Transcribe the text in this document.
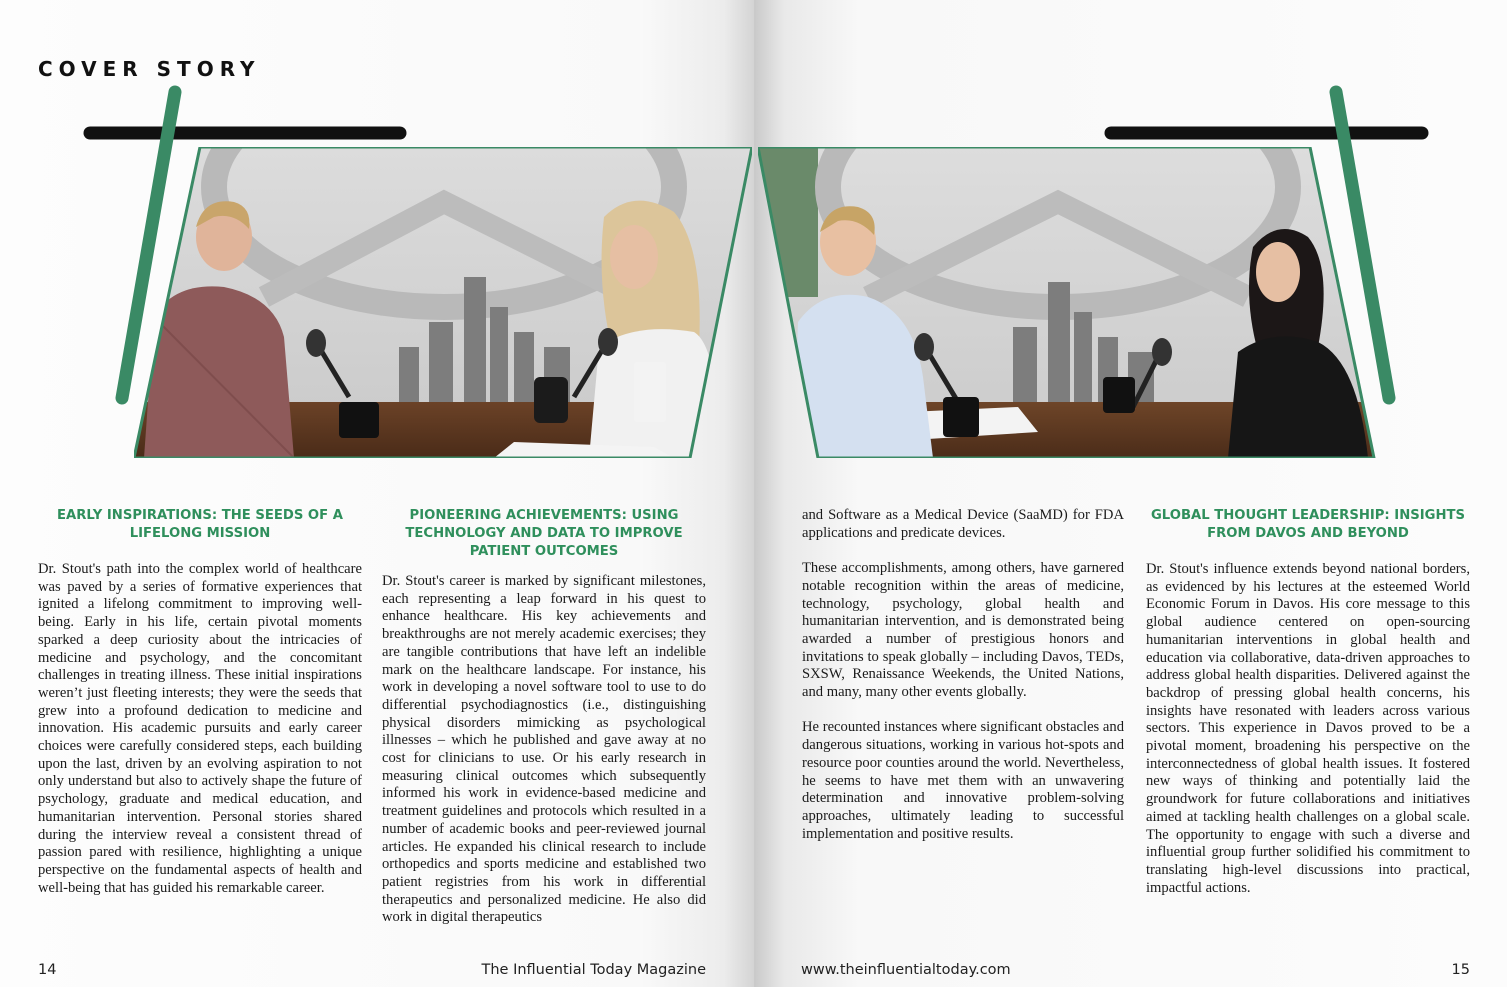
COVER STORY
EARLY INSPIRATIONS: THE SEEDS OF A LIFELONG MISSION

Dr. Stout's path into the complex world of healthcare was paved by a series of formative experiences that ignited a lifelong commitment to improving well-being. Early in his life, certain pivotal moments sparked a deep curiosity about the intricacies of medicine and psychology, and the concomitant challenges in treating illness. These initial inspirations weren’t just fleeting interests; they were the seeds that grew into a profound dedication to medicine and innovation. His academic pursuits and early career choices were carefully considered steps, each building upon the last, driven by an evolving aspiration to not only understand but also to actively shape the future of psychology, graduate and medical education, and humanitarian intervention. Personal stories shared during the interview reveal a consistent thread of passion pared with resilience, highlighting a unique perspective on the fundamental aspects of health and well-being that has guided his remarkable career.

PIONEERING ACHIEVEMENTS: USING TECHNOLOGY AND DATA TO IMPROVE PATIENT OUTCOMES

Dr. Stout's career is marked by significant milestones, each representing a leap forward in his quest to enhance healthcare. His key achievements and breakthroughs are not merely academic exercises; they are tangible contributions that have left an indelible mark on the healthcare landscape. For instance, his work in developing a novel software tool to use to do differential psychodiagnostics (i.e., distinguishing physical disorders mimicking as psychological illnesses – which he published and gave away at no cost for clinicians to use. Or his early research in measuring clinical outcomes which subsequently informed his work in evidence-based medicine and treatment guidelines and protocols which resulted in a number of academic books and peer-reviewed journal articles. He expanded his clinical research to include orthopedics and sports medicine and established two patient registries from his work in differential therapeutics and personalized medicine. He also did work in digital therapeutics

14	The Influential Today Magazine

and Software as a Medical Device (SaaMD) for FDA applications and predicate devices.

These accomplishments, among others, have garnered notable recognition within the areas of medicine, technology, psychology, global health and humanitarian intervention, and is demonstrated being awarded a number of prestigious honors and invitations to speak globally – including Davos, TEDs, SXSW, Renaissance Weekends, the United Nations, and many, many other events globally.

He recounted instances where significant obstacles and dangerous situations, working in various hot-spots and resource poor counties around the world. Nevertheless, he seems to have met them with an unwavering determination and innovative problem-solving approaches, ultimately leading to successful implementation and positive results.

GLOBAL THOUGHT LEADERSHIP: INSIGHTS FROM DAVOS AND BEYOND

Dr. Stout's influence extends beyond national borders, as evidenced by his lectures at the esteemed World Economic Forum in Davos. His core message to this global audience centered on open-sourcing humanitarian interventions in global health and education via collaborative, data-driven approaches to address global health disparities. Delivered against the backdrop of pressing global health concerns, his insights have resonated with leaders across various sectors. This experience in Davos proved to be a pivotal moment, broadening his perspective on the interconnectedness of global health issues. It fostered new ways of thinking and potentially laid the groundwork for future collaborations and initiatives aimed at tackling health challenges on a global scale. The opportunity to engage with such a diverse and influential group further solidified his commitment to translating high-level discussions into practical, impactful actions.

www.theinfluentialtoday.com	15
